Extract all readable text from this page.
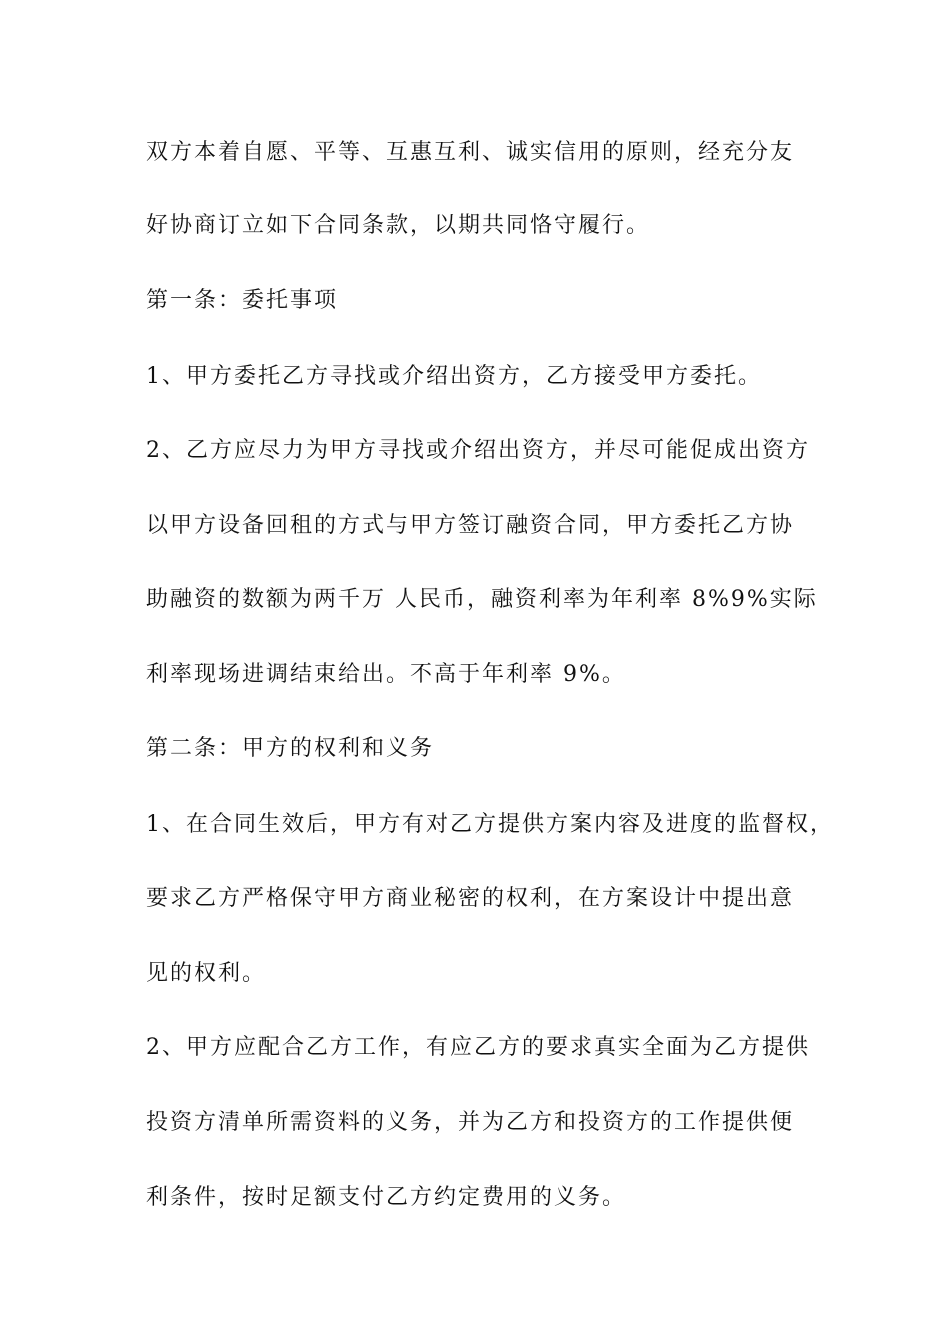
双方本着自愿、平等、互惠互利、诚实信用的原则，经充分友
好协商订立如下合同条款，以期共同恪守履行。
第一条：委托事项
1、甲方委托乙方寻找或介绍出资方，乙方接受甲方委托。
2、乙方应尽力为甲方寻找或介绍出资方，并尽可能促成出资方
以甲方设备回租的方式与甲方签订融资合同，甲方委托乙方协
助融资的数额为两千万 人民币，融资利率为年利率 8%9%实际
利率现场进调结束给出。不高于年利率 9%。
第二条：甲方的权利和义务
1、在合同生效后，甲方有对乙方提供方案内容及进度的监督权，
要求乙方严格保守甲方商业秘密的权利，在方案设计中提出意
见的权利。
2、甲方应配合乙方工作，有应乙方的要求真实全面为乙方提供
投资方清单所需资料的义务，并为乙方和投资方的工作提供便
利条件，按时足额支付乙方约定费用的义务。
